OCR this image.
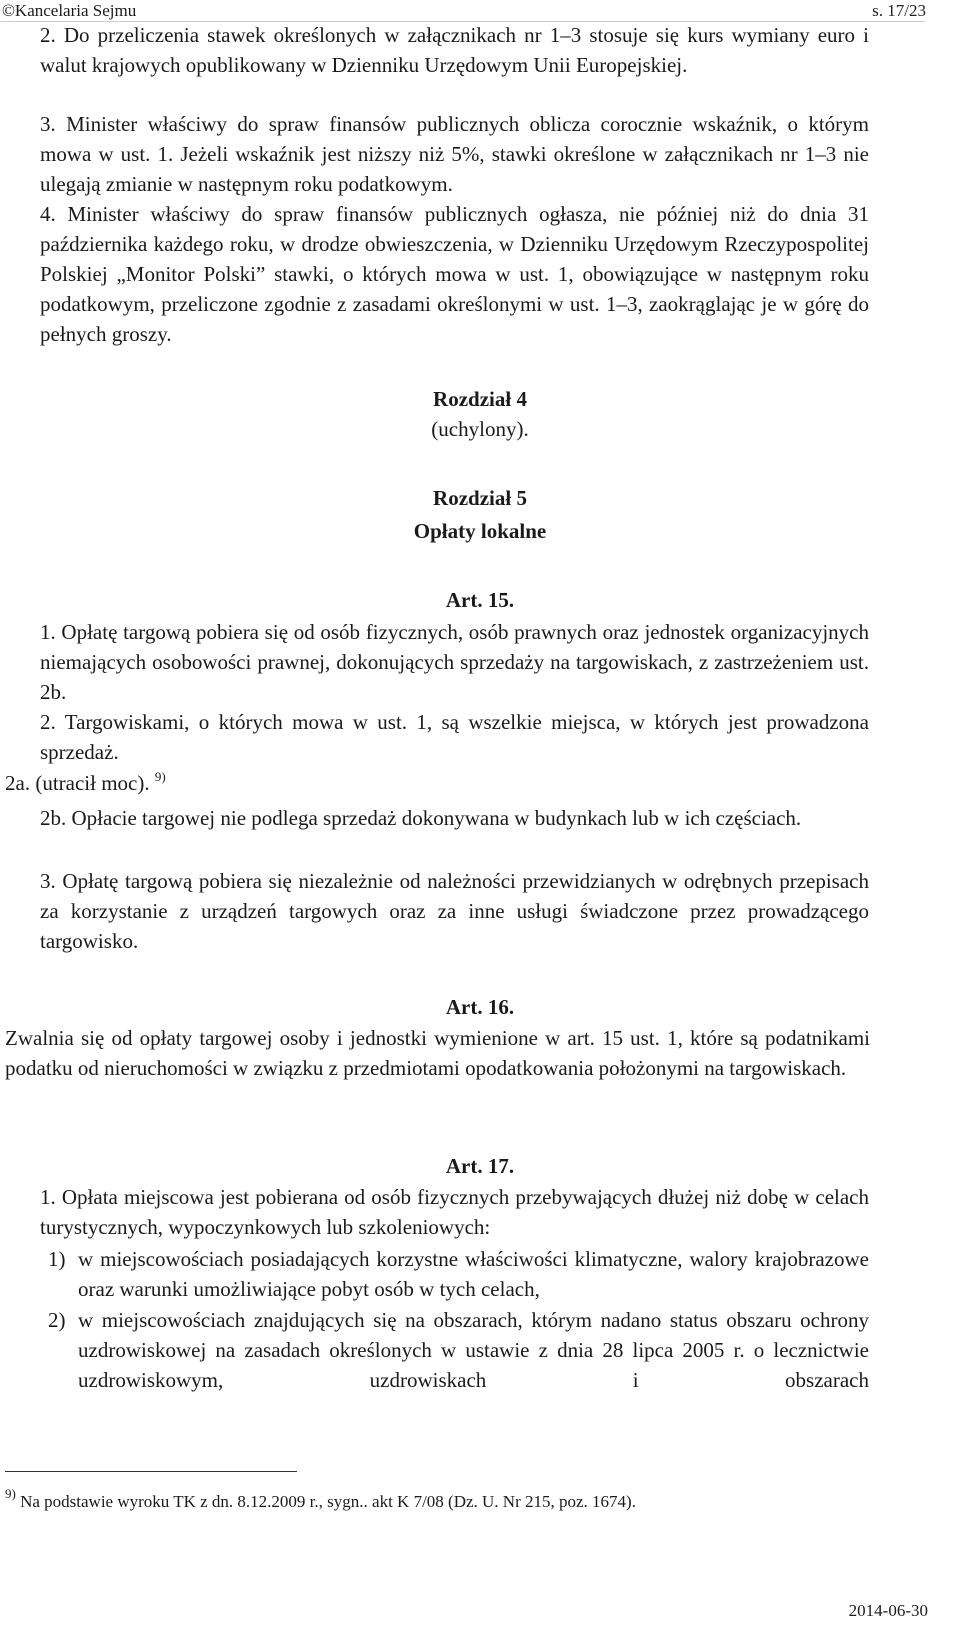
©Kancelaria Sejmu	s. 17/23
2. Do przeliczenia stawek określonych w załącznikach nr 1–3 stosuje się kurs wymiany euro i walut krajowych opublikowany w Dzienniku Urzędowym Unii Europejskiej.
3. Minister właściwy do spraw finansów publicznych oblicza corocznie wskaźnik, o którym mowa w ust. 1. Jeżeli wskaźnik jest niższy niż 5%, stawki określone w załącznikach nr 1–3 nie ulegają zmianie w następnym roku podatkowym.
4. Minister właściwy do spraw finansów publicznych ogłasza, nie później niż do dnia 31 października każdego roku, w drodze obwieszczenia, w Dzienniku Urzędowym Rzeczypospolitej Polskiej „Monitor Polski” stawki, o których mowa w ust. 1, obowiązujące w następnym roku podatkowym, przeliczone zgodnie z zasadami określonymi w ust. 1–3, zaokrąglając je w górę do pełnych groszy.
Rozdział 4
(uchylony).
Rozdział 5
Opłaty lokalne
Art. 15.
1. Opłatę targową pobiera się od osób fizycznych, osób prawnych oraz jednostek organizacyjnych niemających osobowości prawnej, dokonujących sprzedaży na targowiskach, z zastrzeżeniem ust. 2b.
2. Targowiskami, o których mowa w ust. 1, są wszelkie miejsca, w których jest prowadzona sprzedaż.
2a. (utracił moc). $^{9)}$
2b. Opłacie targowej nie podlega sprzedaż dokonywana w budynkach lub w ich częściach.
3. Opłatę targową pobiera się niezależnie od należności przewidzianych w odrębnych przepisach za korzystanie z urządzeń targowych oraz za inne usługi świadczone przez prowadzącego targowisko.
Art. 16.
Zwalnia się od opłaty targowej osoby i jednostki wymienione w art. 15 ust. 1, które są podatnikami podatku od nieruchomości w związku z przedmiotami opodatkowania położonymi na targowiskach.
Art. 17.
1. Opłata miejscowa jest pobierana od osób fizycznych przebywających dłużej niż dobę w celach turystycznych, wypoczynkowych lub szkoleniowych:
1) w miejscowościach posiadających korzystne właściwości klimatyczne, walory krajobrazowe oraz warunki umożliwiające pobyt osób w tych celach,
2) w miejscowościach znajdujących się na obszarach, którym nadano status obszaru ochrony uzdrowiskowej na zasadach określonych w ustawie z dnia 28 lipca 2005 r. o lecznictwie uzdrowiskowym, uzdrowiskach i obszarach
$^{9)}$ Na podstawie wyroku TK z dn. 8.12.2009 r., sygn.. akt K 7/08 (Dz. U. Nr 215, poz. 1674).
2014-06-30
